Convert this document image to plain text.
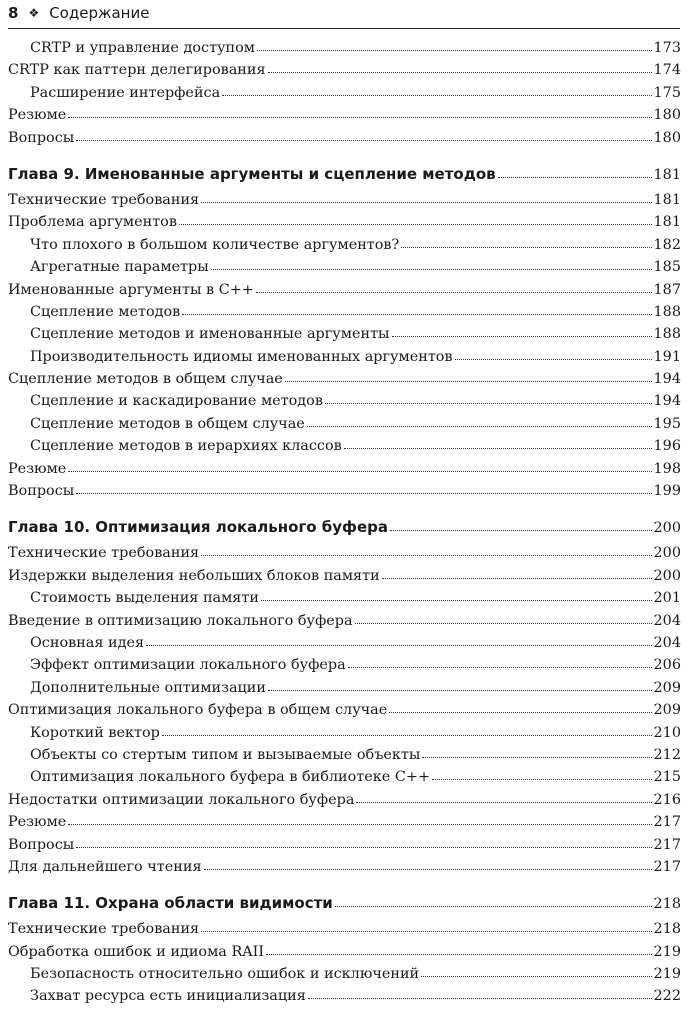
8 ❖ Содержание
CRTP и управление доступом	173
CRTP как паттерн делегирования	174
Расширение интерфейса	175
Резюме	180
Вопросы	180
Глава 9. Именованные аргументы и сцепление методов	181
Технические требования	181
Проблема аргументов	181
Что плохого в большом количестве аргументов?	182
Агрегатные параметры	185
Именованные аргументы в C++	187
Сцепление методов	188
Сцепление методов и именованные аргументы	188
Производительность идиомы именованных аргументов	191
Сцепление методов в общем случае	194
Сцепление и каскадирование методов	194
Сцепление методов в общем случае	195
Сцепление методов в иерархиях классов	196
Резюме	198
Вопросы	199
Глава 10. Оптимизация локального буфера	200
Технические требования	200
Издержки выделения небольших блоков памяти	200
Стоимость выделения памяти	201
Введение в оптимизацию локального буфера	204
Основная идея	204
Эффект оптимизации локального буфера	206
Дополнительные оптимизации	209
Оптимизация локального буфера в общем случае	209
Короткий вектор	210
Объекты со стертым типом и вызываемые объекты	212
Оптимизация локального буфера в библиотеке C++	215
Недостатки оптимизации локального буфера	216
Резюме	217
Вопросы	217
Для дальнейшего чтения	217
Глава 11. Охрана области видимости	218
Технические требования	218
Обработка ошибок и идиома RAII	219
Безопасность относительно ошибок и исключений	219
Захват ресурса есть инициализация	222
